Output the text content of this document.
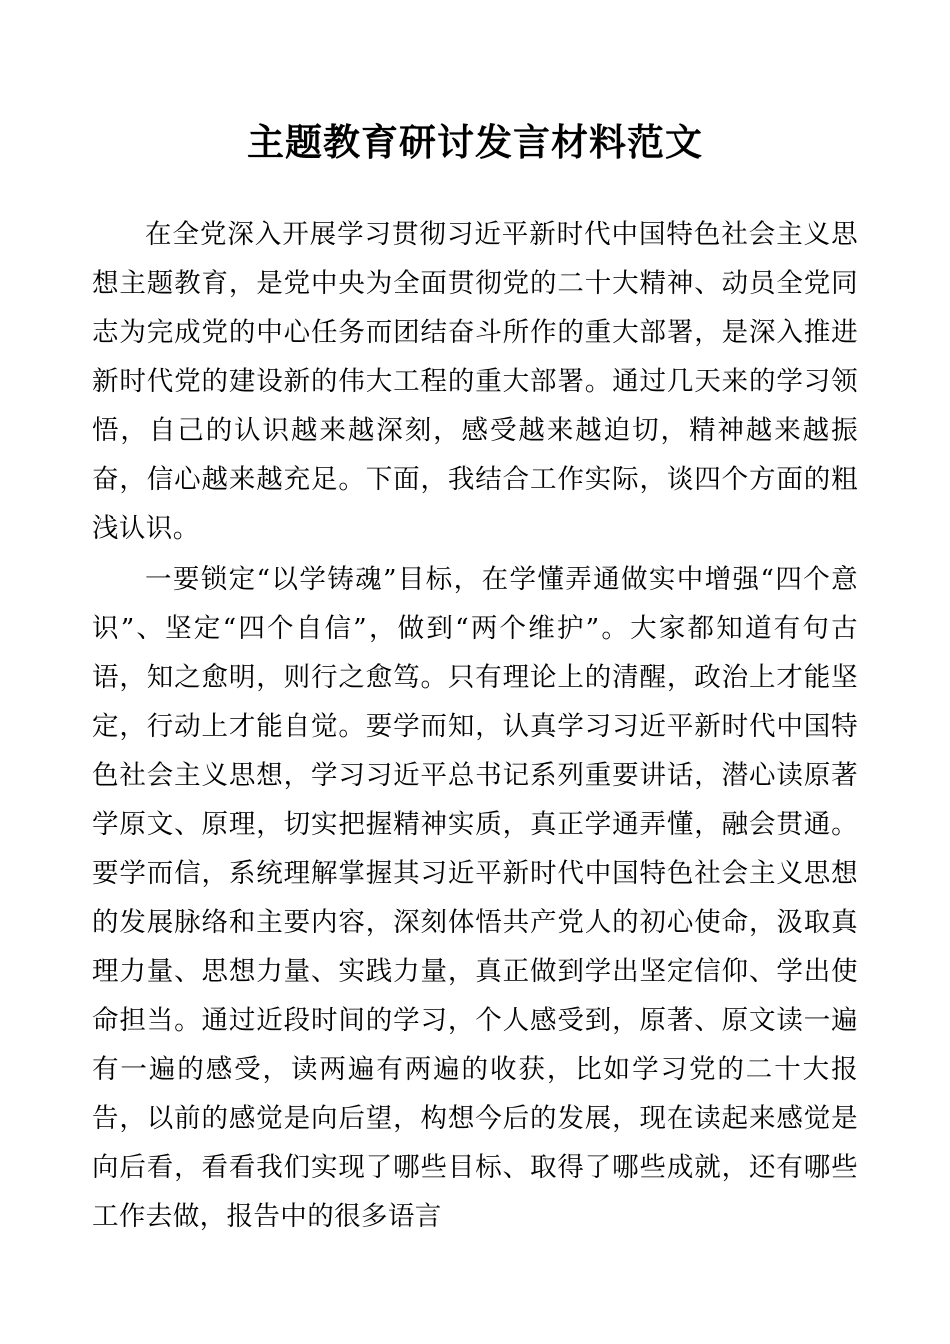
主题教育研讨发言材料范文

在全党深入开展学习贯彻习近平新时代中国特色社会主义思想主题教育，是党中央为全面贯彻党的二十大精神、动员全党同志为完成党的中心任务而团结奋斗所作的重大部署，是深入推进新时代党的建设新的伟大工程的重大部署。通过几天来的学习领悟，自己的认识越来越深刻，感受越来越迫切，精神越来越振奋，信心越来越充足。下面，我结合工作实际，谈四个方面的粗浅认识。

一要锁定“以学铸魂”目标，在学懂弄通做实中增强“四个意识”、坚定“四个自信”，做到“两个维护”。大家都知道有句古语，知之愈明，则行之愈笃。只有理论上的清醒，政治上才能坚定，行动上才能自觉。要学而知，认真学习习近平新时代中国特色社会主义思想，学习习近平总书记系列重要讲话，潜心读原著学原文、原理，切实把握精神实质，真正学通弄懂，融会贯通。要学而信，系统理解掌握其习近平新时代中国特色社会主义思想的发展脉络和主要内容，深刻体悟共产党人的初心使命，汲取真理力量、思想力量、实践力量，真正做到学出坚定信仰、学出使命担当。通过近段时间的学习，个人感受到，原著、原文读一遍有一遍的感受，读两遍有两遍的收获，比如学习党的二十大报告，以前的感觉是向后望，构想今后的发展，现在读起来感觉是向后看，看看我们实现了哪些目标、取得了哪些成就，还有哪些工作去做，报告中的很多语言
